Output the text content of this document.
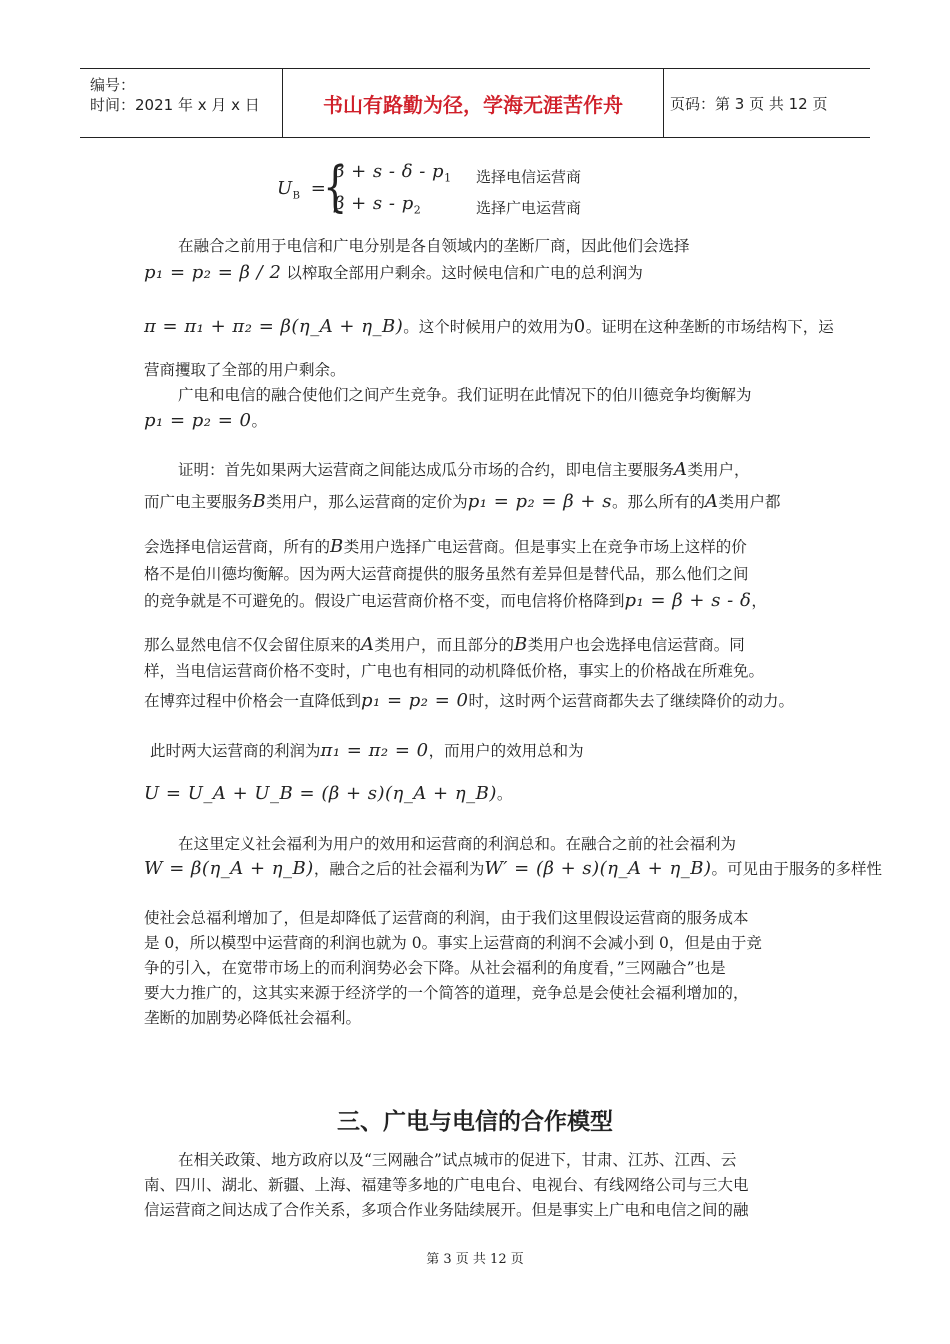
编号：
时间：2021 年 x 月 x 日	书山有路勤为径，学海无涯苦作舟	页码：第 3 页 共 12 页
$U_B$ =
{
$\beta + s - \delta - p_1$ 选择电信运营商
$\beta + s - p_2$	选择广电运营商
在融合之前用于电信和广电分别是各自领域内的垄断厂商，因此他们会选择
p₁ = p₂ = β / 2 以榨取全部用户剩余。这时候电信和广电的总利润为
π = π₁ + π₂ = β(η_A + η_B)。这个时候用户的效用为0。证明在这种垄断的市场结构下，运
营商攫取了全部的用户剩余。
广电和电信的融合使他们之间产生竞争。我们证明在此情况下的伯川德竞争均衡解为
p₁ = p₂ = 0。
证明：首先如果两大运营商之间能达成瓜分市场的合约，即电信主要服务A类用户，
而广电主要服务B类用户，那么运营商的定价为p₁ = p₂ = β + s。那么所有的A类用户都
会选择电信运营商，所有的B类用户选择广电运营商。但是事实上在竞争市场上这样的价
格不是伯川德均衡解。因为两大运营商提供的服务虽然有差异但是替代品，那么他们之间
的竞争就是不可避免的。假设广电运营商价格不变，而电信将价格降到p₁ = β + s - δ，
那么显然电信不仅会留住原来的A类用户，而且部分的B类用户也会选择电信运营商。同
样，当电信运营商价格不变时，广电也有相同的动机降低价格，事实上的价格战在所难免。
在博弈过程中价格会一直降低到p₁ = p₂ = 0时，这时两个运营商都失去了继续降价的动力。
此时两大运营商的利润为π₁ = π₂ = 0，而用户的效用总和为
U = U_A + U_B = (β + s)(η_A + η_B)。
在这里定义社会福利为用户的效用和运营商的利润总和。在融合之前的社会福利为
W = β(η_A + η_B)，融合之后的社会福利为W′ = (β + s)(η_A + η_B)。可见由于服务的多样性
使社会总福利增加了，但是却降低了运营商的利润，由于我们这里假设运营商的服务成本
是 0，所以模型中运营商的利润也就为 0。事实上运营商的利润不会减小到 0，但是由于竞
争的引入，在宽带市场上的而利润势必会下降。从社会福利的角度看，”三网融合”也是
要大力推广的，这其实来源于经济学的一个简答的道理，竞争总是会使社会福利增加的，
垄断的加剧势必降低社会福利。
三、广电与电信的合作模型
在相关政策、地方政府以及“三网融合”试点城市的促进下，甘肃、江苏、江西、云
南、四川、湖北、新疆、上海、福建等多地的广电电台、电视台、有线网络公司与三大电
信运营商之间达成了合作关系，多项合作业务陆续展开。但是事实上广电和电信之间的融
第 3 页 共 12 页
